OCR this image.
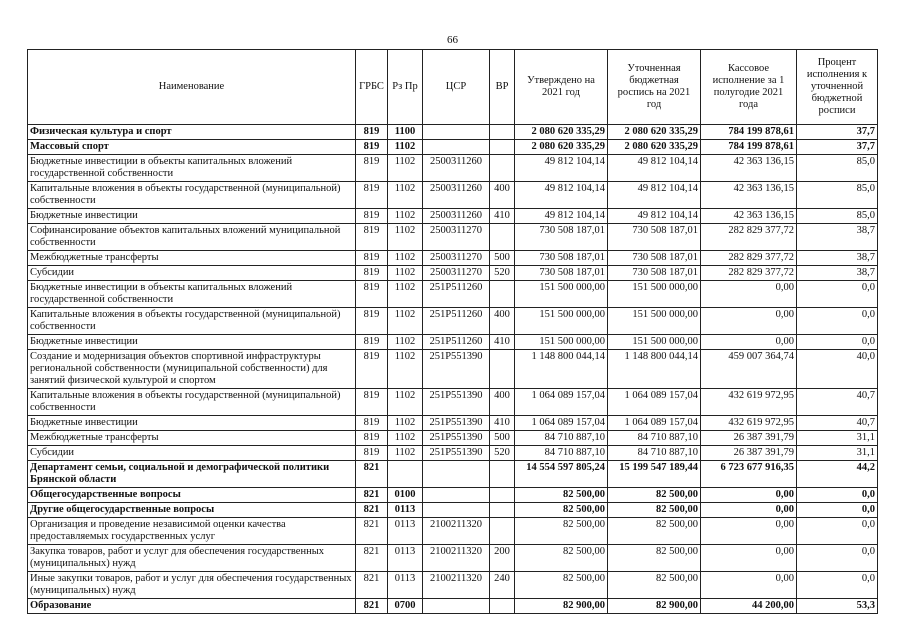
66
Наименование	ГРБС	Рз Пр	ЦСР	ВР	Утверждено на 2021 год	Уточненная бюджетная роспись на 2021 год	Кассовое исполнение за 1 полугодие 2021 года	Процент исполнения к уточненной бюджетной росписи
Физическая культура и спорт	819	1100			2 080 620 335,29	2 080 620 335,29	784 199 878,61	37,7
Массовый спорт	819	1102			2 080 620 335,29	2 080 620 335,29	784 199 878,61	37,7
Бюджетные инвестиции в объекты капитальных вложений государственной собственности	819	1102	2500311260		49 812 104,14	49 812 104,14	42 363 136,15	85,0
Капитальные вложения в объекты государственной (муниципальной) собственности	819	1102	2500311260	400	49 812 104,14	49 812 104,14	42 363 136,15	85,0
Бюджетные инвестиции	819	1102	2500311260	410	49 812 104,14	49 812 104,14	42 363 136,15	85,0
Софинансирование объектов капитальных вложений муниципальной собственности	819	1102	2500311270		730 508 187,01	730 508 187,01	282 829 377,72	38,7
Межбюджетные трансферты	819	1102	2500311270	500	730 508 187,01	730 508 187,01	282 829 377,72	38,7
Субсидии	819	1102	2500311270	520	730 508 187,01	730 508 187,01	282 829 377,72	38,7
Бюджетные инвестиции в объекты капитальных вложений государственной собственности	819	1102	251P511260		151 500 000,00	151 500 000,00	0,00	0,0
Капитальные вложения в объекты государственной (муниципальной) собственности	819	1102	251P511260	400	151 500 000,00	151 500 000,00	0,00	0,0
Бюджетные инвестиции	819	1102	251P511260	410	151 500 000,00	151 500 000,00	0,00	0,0
Создание и модернизация объектов спортивной инфраструктуры региональной собственности (муниципальной собственности) для занятий физической культурой и спортом	819	1102	251P551390		1 148 800 044,14	1 148 800 044,14	459 007 364,74	40,0
Капитальные вложения в объекты государственной (муниципальной) собственности	819	1102	251P551390	400	1 064 089 157,04	1 064 089 157,04	432 619 972,95	40,7
Бюджетные инвестиции	819	1102	251P551390	410	1 064 089 157,04	1 064 089 157,04	432 619 972,95	40,7
Межбюджетные трансферты	819	1102	251P551390	500	84 710 887,10	84 710 887,10	26 387 391,79	31,1
Субсидии	819	1102	251P551390	520	84 710 887,10	84 710 887,10	26 387 391,79	31,1
Департамент семьи, социальной и демографической политики Брянской области	821				14 554 597 805,24	15 199 547 189,44	6 723 677 916,35	44,2
Общегосударственные вопросы	821	0100			82 500,00	82 500,00	0,00	0,0
Другие общегосударственные вопросы	821	0113			82 500,00	82 500,00	0,00	0,0
Организация и проведение независимой оценки качества предоставляемых государственных услуг	821	0113	2100211320		82 500,00	82 500,00	0,00	0,0
Закупка товаров, работ и услуг для обеспечения государственных (муниципальных) нужд	821	0113	2100211320	200	82 500,00	82 500,00	0,00	0,0
Иные закупки товаров, работ и услуг для обеспечения государственных (муниципальных) нужд	821	0113	2100211320	240	82 500,00	82 500,00	0,00	0,0
Образование	821	0700			82 900,00	82 900,00	44 200,00	53,3
